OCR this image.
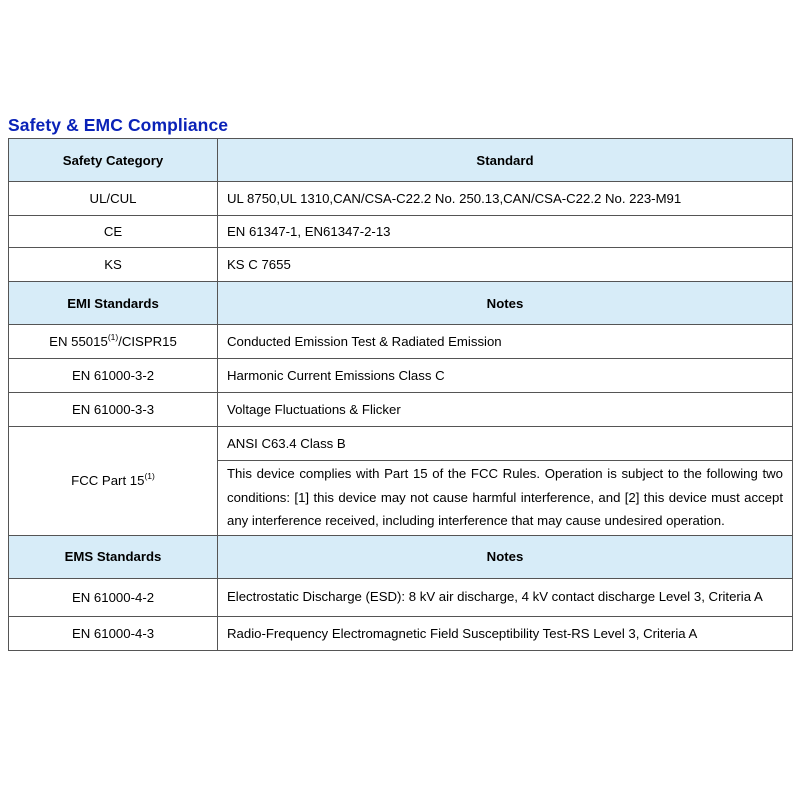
Safety & EMC Compliance
Safety Category	Standard
UL/CUL	UL 8750,UL 1310,CAN/CSA-C22.2 No. 250.13,CAN/CSA-C22.2 No. 223-M91
CE	EN 61347-1, EN61347-2-13
KS	KS C 7655
EMI Standards	Notes
EN 55015$^{(1)}$/CISPR15	Conducted Emission Test & Radiated Emission
EN 61000-3-2	Harmonic Current Emissions Class C
EN 61000-3-3	Voltage Fluctuations & Flicker
FCC Part 15$^{(1)}$	ANSI C63.4 Class B
	This device complies with Part 15 of the FCC Rules. Operation is subject to the following two conditions: [1] this device may not cause harmful interference, and [2] this device must accept any interference received, including interference that may cause undesired operation.
EMS Standards	Notes
EN 61000-4-2	Electrostatic Discharge (ESD): 8 kV air discharge, 4 kV contact discharge Level 3, Criteria A
EN 61000-4-3	Radio-Frequency Electromagnetic Field Susceptibility Test-RS Level 3, Criteria A
